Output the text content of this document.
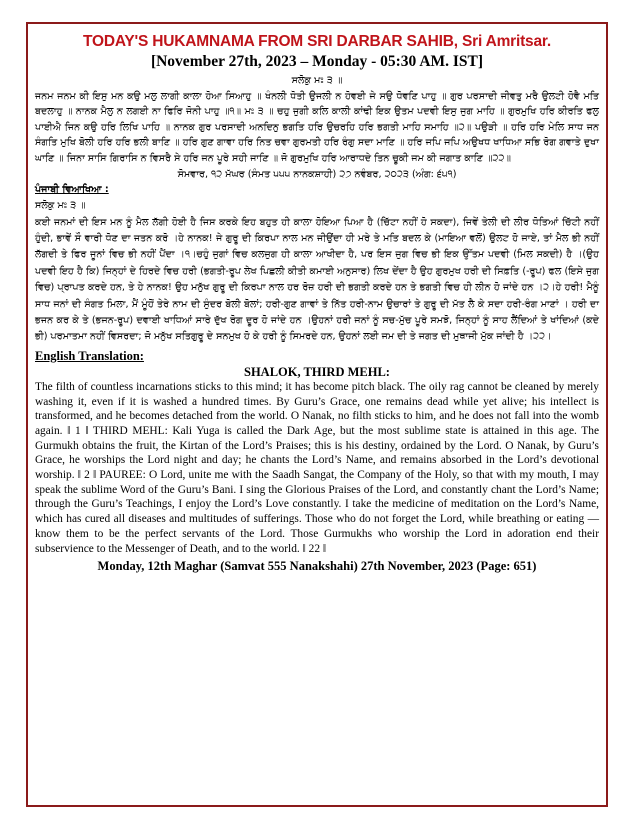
TODAY'S HUKAMNAMA FROM SRI DARBAR SAHIB, Sri Amritsar.
[November 27th, 2023 – Monday - 05:30 AM. IST]
ਸਲੋਕੁ ਮਃ ੩ ॥
ਜਨਮ ਜਨਮ ਕੀ ਇਸੁ ਮਨ ਕਉ ਮਲੁ ਲਾਗੀ ਕਾਲਾ ਹੋਆ ਸਿਆਹੁ ॥ ਖੰਨਲੀ ਧੋਤੀ ਉਜਲੀ ਨ ਹੋਵਈ ਜੇ ਸਉ ਧੋਵਣਿ ਪਾਹੁ ॥ ਗੁਰ ਪਰਸਾਦੀ ਜੀਵਤੁ ਮਰੈ ਉਲਟੀ ਹੋਵੈ ਮਤਿ ਬਦਲਾਹੁ ॥ ਨਾਨਕ ਮੈਲੁ ਨ ਲਗਈ ਨਾ ਫਿਰਿ ਜੋਨੀ ਪਾਹੁ ॥੧॥ ਮਃ ੩ ॥ ਚਹੁ ਜੁਗੀ ਕਲਿ ਕਾਲੀ ਕਾਂਢੀ ਇਕ ਉਤਮ ਪਦਵੀ ਇਸੁ ਜੁਗ ਮਾਹਿ ॥ ਗੁਰਮੁਖਿ ਹਰਿ ਕੀਰਤਿ ਫਲੁ ਪਾਈਐ ਜਿਨ ਕਉ ਹਰਿ ਲਿਖਿ ਪਾਹਿ ॥ ਨਾਨਕ ਗੁਰ ਪਰਸਾਦੀ ਅਨਦਿਨੁ ਭਗਤਿ ਹਰਿ ਉਚਰਹਿ ਹਰਿ ਭਗਤੀ ਮਾਹਿ ਸਮਾਹਿ ॥੨॥ ਪਉੜੀ ॥ ਹਰਿ ਹਰਿ ਮੇਲਿ ਸਾਧ ਜਨ ਸੰਗਤਿ ਮੁਖਿ ਬੋਲੀ ਹਰਿ ਹਰਿ ਭਲੀ ਬਾਣਿ ॥ ਹਰਿ ਗੁਣ ਗਾਵਾ ਹਰਿ ਨਿਤ ਚਵਾ ਗੁਰਮਤੀ ਹਰਿ ਰੰਗੁ ਸਦਾ ਮਾਣਿ ॥ ਹਰਿ ਜਪਿ ਜਪਿ ਅਉਖਧ ਖਾਧਿਆ ਸਭਿ ਰੋਗ ਗਵਾਤੇ ਦੁਖਾ ਘਾਣਿ ॥ ਜਿਨਾ ਸਾਸਿ ਗਿਰਾਸਿ ਨ ਵਿਸਰੈ ਸੇ ਹਰਿ ਜਨ ਪੂਰੇ ਸਹੀ ਜਾਣਿ ॥ ਜੋ ਗੁਰਮੁਖਿ ਹਰਿ ਆਰਾਧਦੇ ਤਿਨ ਚੂਕੀ ਜਮ ਕੀ ਜਗਾਤ ਕਾਣਿ ॥੨੨॥
ਸੋਮਵਾਰ, ੧੨ ਮੱਘਰ (ਸੰਮਤ ੫੫੫ ਨਾਨਕਸ਼ਾਹੀ) ੨੭ ਨਵੰਬਰ, ੨੦੨੩ (ਅੰਗ: ੬੫੧)
ਪੰਜਾਬੀ ਵਿਆਖਿਆ :
ਸਲੋਕੁ ਮਃ ੩ ॥
ਕਈ ਜਨਮਾਂ ਦੀ ਇਸ ਮਨ ਨੂੰ ਮੈਲ ਲੱਗੀ ਹੋਈ ਹੈ ਜਿਸ ਕਰਕੇ ਇਹ ਬਹੁਤ ਹੀ ਕਾਲਾ ਹੋਇਆ ਪਿਆ ਹੈ (ਚਿੱਟਾ ਨਹੀਂ ਹੋ ਸਕਦਾ), ਜਿਵੇਂ ਤੇਲੀ ਦੀ ਲੀਰ ਧੋਤਿਆਂ ਚਿੱਟੀ ਨਹੀਂ ਹੁੰਦੀ, ਭਾਵੇਂ ਸੌ ਵਾਰੀ ਧੋਣ ਦਾ ਜਤਨ ਕਰੋ ।ਹੇ ਨਾਨਕ! ਜੇ ਗੁਰੂ ਦੀ ਕਿਰਪਾ ਨਾਲ ਮਨ ਜੀਉਂਦਾ ਹੀ ਮਰੇ ਤੇ ਮਤਿ ਬਦਲ ਕੇ (ਮਾਇਆ ਵਲੋਂ) ਉਲਟ ਹੋ ਜਾਏ, ਤਾਂ ਮੈਲ ਭੀ ਨਹੀਂ ਲੱਗਦੀ ਤੇ ਫਿਰ ਜੂਨਾਂ ਵਿਚ ਭੀ ਨਹੀਂ ਪੈਂਦਾ ।੧।ਚਹੁੰ ਜੁਗਾਂ ਵਿਚ ਕਲਜੁਗ ਹੀ ਕਾਲਾ ਆਖੀਦਾ ਹੈ, ਪਰ ਇਸ ਜੁਗ ਵਿਚ ਭੀ ਇਕ ਉੱਤਮ ਪਦਵੀ (ਮਿਲ ਸਕਦੀ) ਹੈ ।(ਉਹ ਪਦਵੀ ਇਹ ਹੈ ਕਿ) ਜਿਨ੍ਹਾਂ ਦੇ ਹਿਰਦੇ ਵਿਚ ਹਰੀ (ਭਗਤੀ-ਰੂਪ ਲੇਖ ਪਿਛਲੀ ਕੀਤੀ ਕਮਾਈ ਅਨੁਸਾਰ) ਲਿਖ ਦੇਂਦਾ ਹੈ ਉਹ ਗੁਰਮੁਖ ਹਰੀ ਦੀ ਸਿਫ਼ਤਿ (-ਰੂਪ) ਫਲ (ਇਸੇ ਜੁਗ ਵਿਚ) ਪ੍ਰਾਪਤ ਕਰਦੇ ਹਨ, ਤੇ ਹੇ ਨਾਨਕ! ਉਹ ਮਨੁੱਖ ਗੁਰੂ ਦੀ ਕਿਰਪਾ ਨਾਲ ਹਰ ਰੋਜ਼ ਹਰੀ ਦੀ ਭਗਤੀ ਕਰਦੇ ਹਨ ਤੇ ਭਗਤੀ ਵਿਚ ਹੀ ਲੀਨ ਹੋ ਜਾਂਦੇ ਹਨ ।੨।ਹੇ ਹਰੀ! ਮੈਨੂੰ ਸਾਧ ਜਨਾਂ ਦੀ ਸੰਗਤ ਮਿਲਾ, ਮੈਂ ਮੂੰਹੋਂ ਤੇਰੇ ਨਾਮ ਦੀ ਸੁੰਦਰ ਬੋਲੀ ਬੋਲਾਂ; ਹਰੀ-ਗੁਣ ਗਾਵਾਂ ਤੇ ਨਿੱਤ ਹਰੀ-ਨਾਮ ਉਚਾਰਾਂ ਤੇ ਗੁਰੂ ਦੀ ਮੱਤ ਲੈ ਕੇ ਸਦਾ ਹਰੀ-ਰੰਗ ਮਾਣਾਂ । ਹਰੀ ਦਾ ਭਜਨ ਕਰ ਕੇ ਤੇ (ਭਜਨ-ਰੂਪ) ਦਵਾਈ ਖਾਧਿਆਂ ਸਾਰੇ ਦੁੱਖ ਰੋਗ ਦੂਰ ਹੋ ਜਾਂਦੇ ਹਨ ।ਉਹਨਾਂ ਹਰੀ ਜਨਾਂ ਨੂੰ ਸਚ-ਮੁੱਚ ਪੂਰੇ ਸਮਝੋ, ਜਿਨ੍ਹਾਂ ਨੂੰ ਸਾਹ ਲੈਂਦਿਆਂ ਤੇ ਖਾਂਦਿਆਂ (ਕਦੇ ਭੀ) ਪਰਮਾਤਮਾ ਨਹੀਂ ਵਿਸਰਦਾ; ਜੋ ਮਨੁੱਖ ਸਤਿਗੁਰੂ ਦੇ ਸਨਮੁਖ ਹੋ ਕੇ ਹਰੀ ਨੂੰ ਸਿਮਰਦੇ ਹਨ, ਉਹਨਾਂ ਲਈ ਜਮ ਦੀ ਤੇ ਜਗਤ ਦੀ ਮੁਥਾਜੀ ਮੁੱਕ ਜਾਂਦੀ ਹੈ ।੨੨।
English Translation:
SHALOK, THIRD MEHL:
The filth of countless incarnations sticks to this mind; it has become pitch black. The oily rag cannot be cleaned by merely washing it, even if it is washed a hundred times. By Guru’s Grace, one remains dead while yet alive; his intellect is transformed, and he becomes detached from the world. O Nanak, no filth sticks to him, and he does not fall into the womb again. ‖ 1 ‖ THIRD MEHL: Kali Yuga is called the Dark Age, but the most sublime state is attained in this age. The Gurmukh obtains the fruit, the Kirtan of the Lord’s Praises; this is his destiny, ordained by the Lord. O Nanak, by Guru’s Grace, he worships the Lord night and day; he chants the Lord’s Name, and remains absorbed in the Lord’s devotional worship. ‖ 2 ‖ PAUREE: O Lord, unite me with the Saadh Sangat, the Company of the Holy, so that with my mouth, I may speak the sublime Word of the Guru’s Bani. I sing the Glorious Praises of the Lord, and constantly chant the Lord’s Name; through the Guru’s Teachings, I enjoy the Lord’s Love constantly. I take the medicine of meditation on the Lord’s Name, which has cured all diseases and multitudes of sufferings. Those who do not forget the Lord, while breathing or eating — know them to be the perfect servants of the Lord. Those Gurmukhs who worship the Lord in adoration end their subservience to the Messenger of Death, and to the world. ‖ 22 ‖
Monday, 12th Maghar (Samvat 555 Nanakshahi) 27th November, 2023 (Page: 651)
